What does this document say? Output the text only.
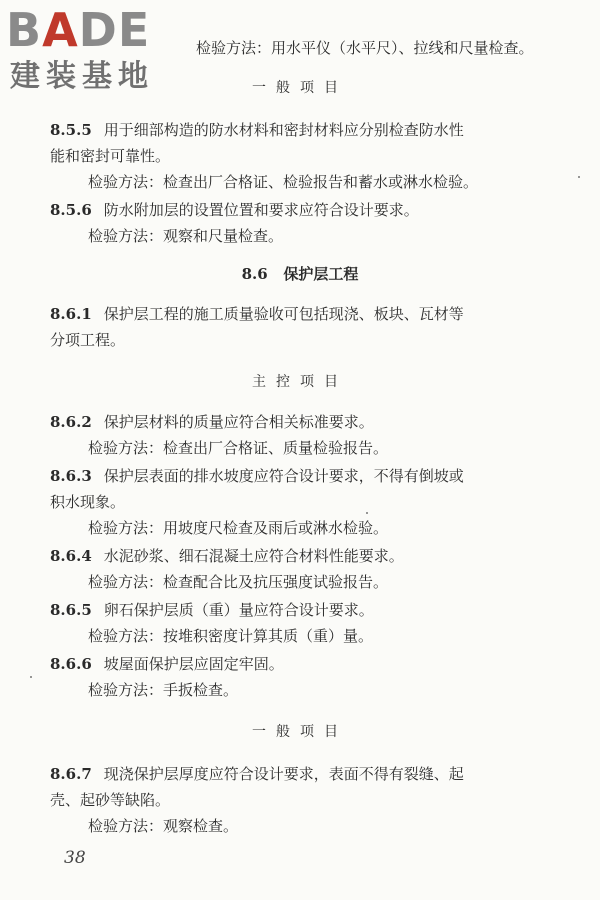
BADE
建装基地
检验方法：用水平仪（水平尺）、拉线和尺量检查。
一般项目
8.5.5 用于细部构造的防水材料和密封材料应分别检查防水性
能和密封可靠性。
检验方法：检查出厂合格证、检验报告和蓄水或淋水检验。
8.5.6 防水附加层的设置位置和要求应符合设计要求。
检验方法：观察和尺量检查。
8.6 保护层工程
8.6.1 保护层工程的施工质量验收可包括现浇、板块、瓦材等
分项工程。
主控项目
8.6.2 保护层材料的质量应符合相关标准要求。
检验方法：检查出厂合格证、质量检验报告。
8.6.3 保护层表面的排水坡度应符合设计要求，不得有倒坡或
积水现象。
检验方法：用坡度尺检查及雨后或淋水检验。
8.6.4 水泥砂浆、细石混凝土应符合材料性能要求。
检验方法：检查配合比及抗压强度试验报告。
8.6.5 卵石保护层质（重）量应符合设计要求。
检验方法：按堆积密度计算其质（重）量。
8.6.6 坡屋面保护层应固定牢固。
检验方法：手扳检查。
一般项目
8.6.7 现浇保护层厚度应符合设计要求，表面不得有裂缝、起
壳、起砂等缺陷。
检验方法：观察检查。
38
